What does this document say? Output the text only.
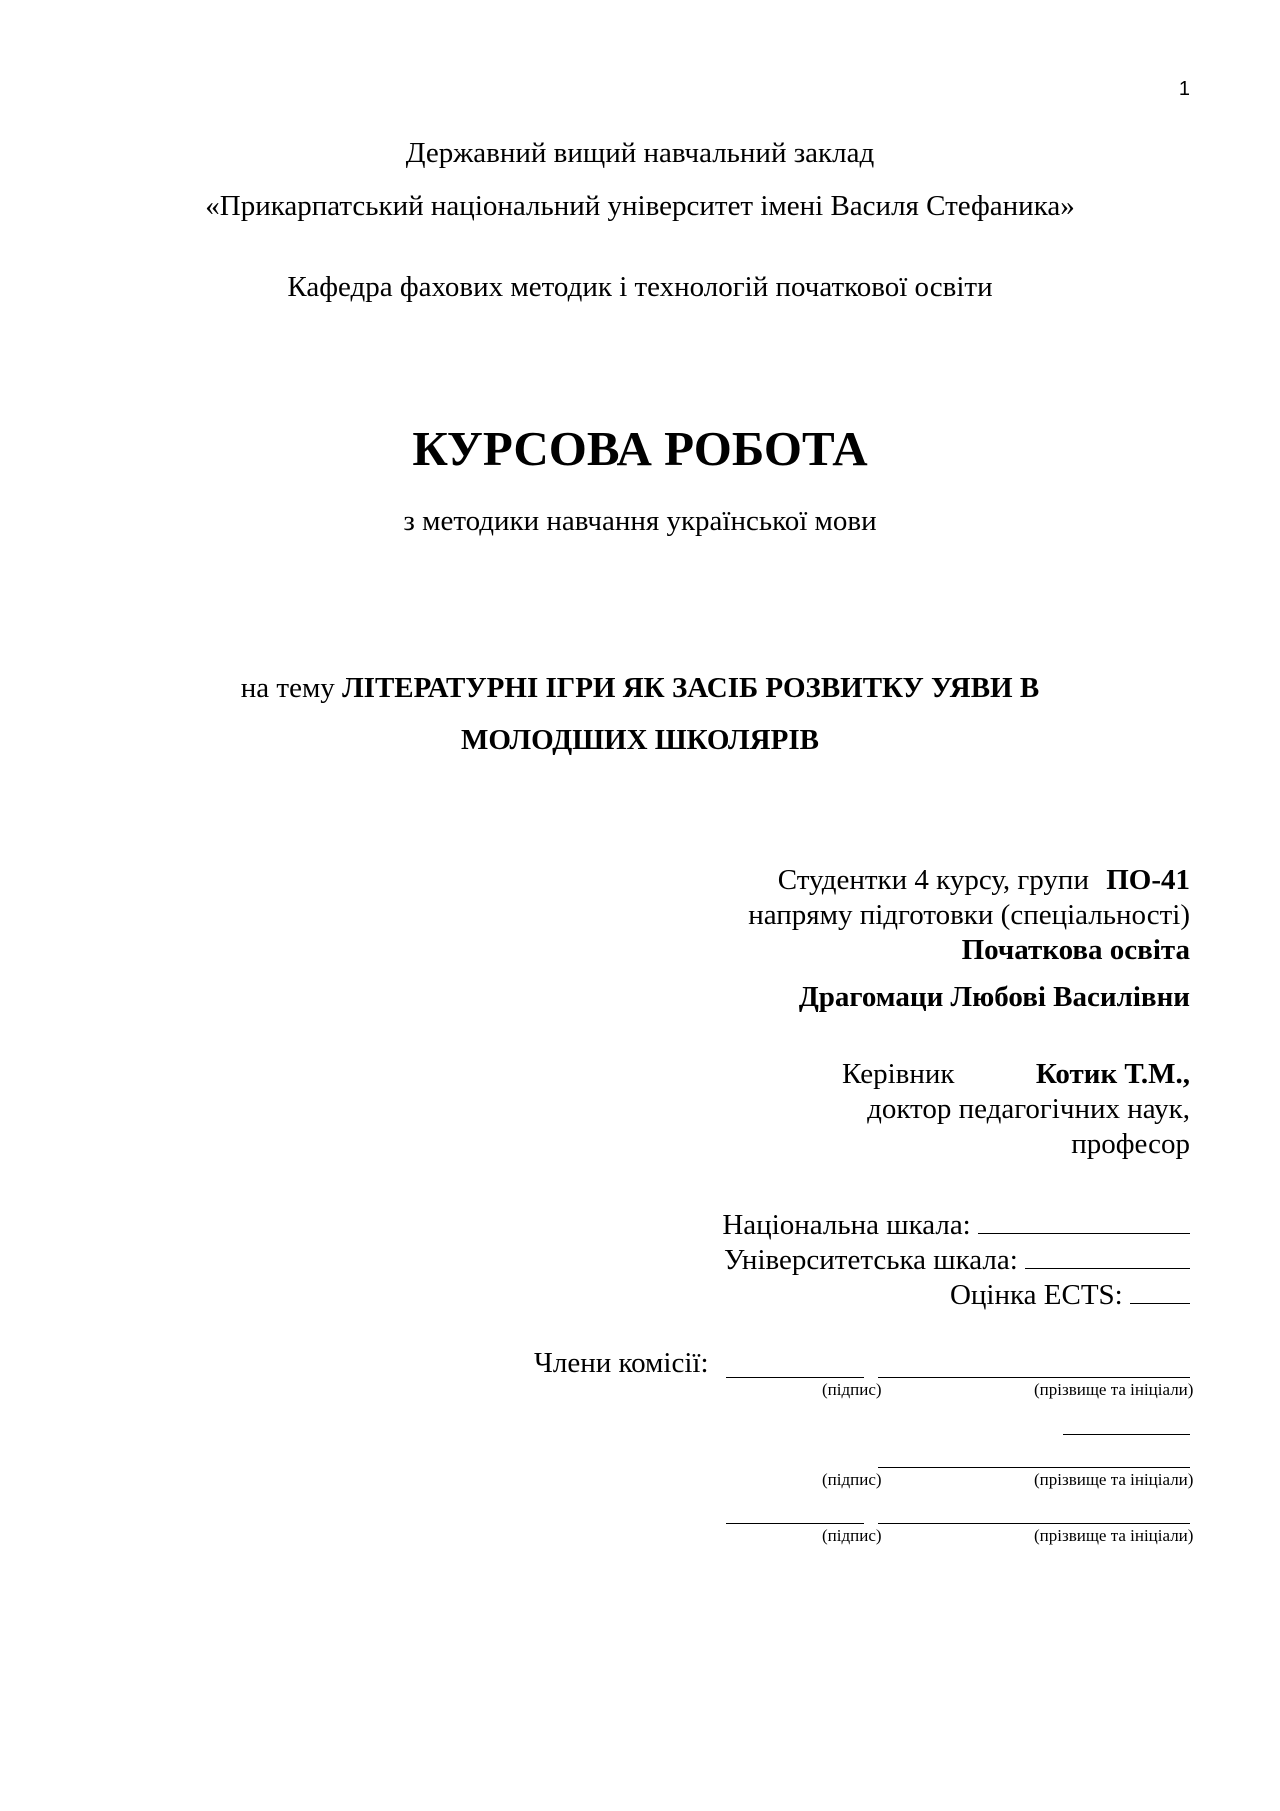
1
Державний вищий навчальний заклад
«Прикарпатський національний університет імені Василя Стефаника»
Кафедра фахових методик і технологій початкової освіти
КУРСОВА РОБОТА
з методики навчання української мови
на тему ЛІТЕРАТУРНІ ІГРИ ЯК ЗАСІБ РОЗВИТКУ УЯВИ В
МОЛОДШИХ ШКОЛЯРІВ
Студентки 4 курсу, групи ПО-41
напряму підготовки (спеціальності)
Початкова освіта
Драгомаци Любові Василівни
Керівник	Котик Т.М.,
доктор педагогічних наук,
професор
Національна шкала:
Університетська шкала:
Оцінка ECTS:
Члени комісії:
(підпис)	(прізвище та ініціали)
(підпис)	(прізвище та ініціали)
(підпис)	(прізвище та ініціали)
